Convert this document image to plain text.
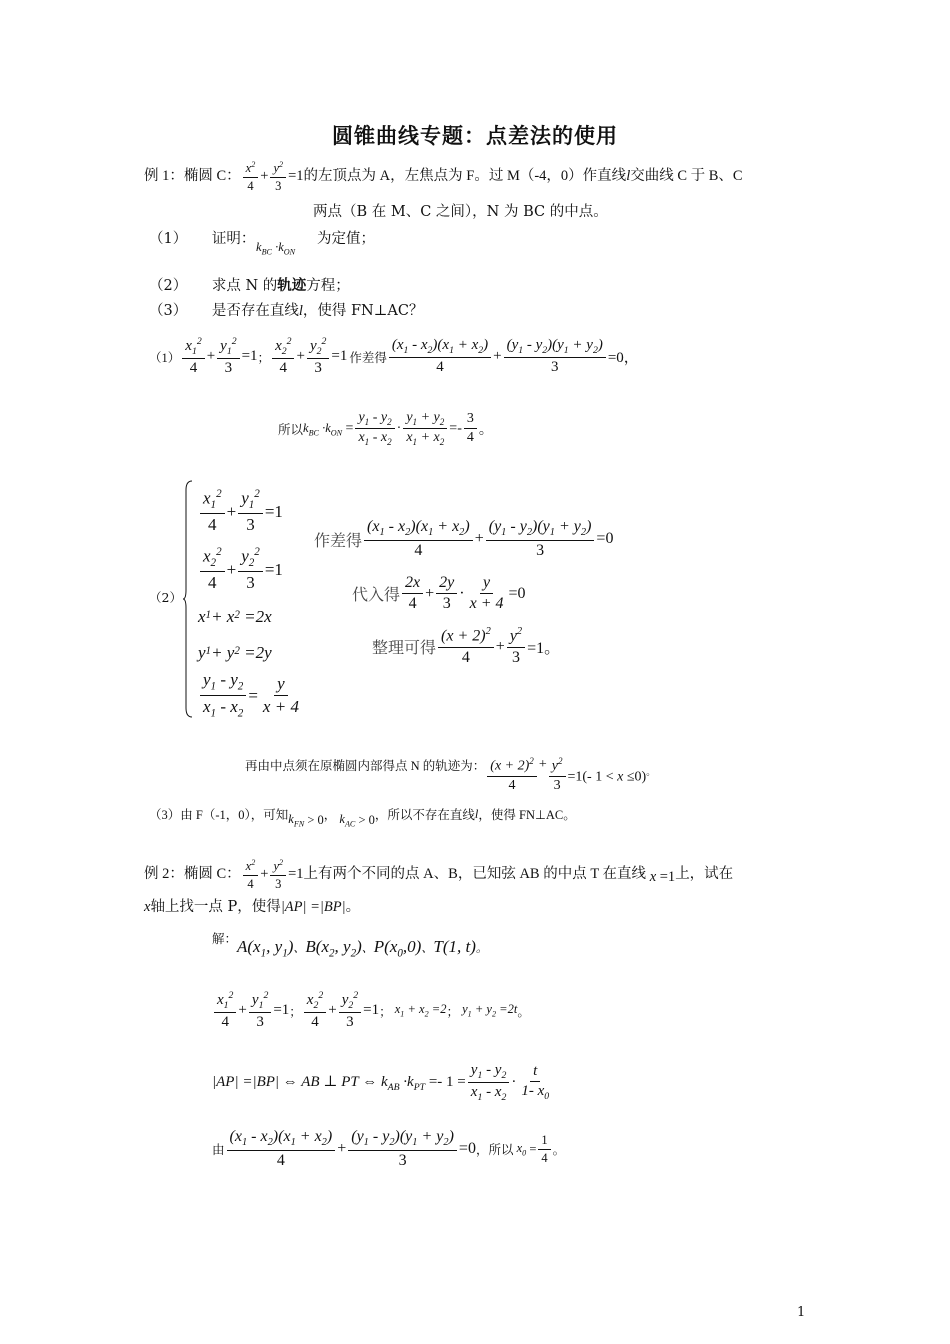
圆锥曲线专题：点差法的使用
例 1：椭圆 C： $\frac{x^2}{4} + \frac{y^2}{3} =1$ 的左顶点为 A，左焦点为 F。过 M（-4，0）作直线 l 交曲线 C 于 B、C
两点（B 在 M、C 之间），N 为 BC 的中点。
（1） 证明： $k_{BC} \cdot k_{ON}$
为定值；
（2） 求点 N 的轨迹方程；
（3） 是否存在直线l，使得 FN⊥AC？
$(1) \frac{x_1^2}{4} + \frac{y_1^2}{3} =1$ ； $\frac{x_2^2}{4} + \frac{y_2^2}{3} =1$ 作差得 $\frac{(x_1 - x_2)(x_1 + x_2)}{4} + \frac{(y_1 - y_2)(y_1 + y_2)}{3} =0$，
所以 $k_{BC} \cdot k_{ON} = \frac{y_1 - y_2}{x_1 - x_2} \cdot \frac{y_1 + y_2}{x_1 + x_2} =- \frac{3}{4}$ 。
（2）
$\frac{x_1^2}{4} + \frac{y_1^2}{3} =1$

$\frac{x_2^2}{4} + \frac{y_2^2}{3} =1$
x 1 + x 2 =2 x
y 1 + y 2 =2 y

$\frac{y_1 - y_2}{x_1 - x_2} = \frac{y}{x + 4}$
作差得 $\frac{(x_1 - x_2)(x_1 + x_2)}{4} + \frac{(y_1 - y_2)(y_1 + y_2)}{3} =0$
代入得 $\frac{2x}{4} + \frac{2y}{3} \cdot \frac{y}{x + 4} =0$
整理可得 $\frac{(x + 2)^2}{4} + \frac{y^2}{3} =1$。
再由中点须在原椭圆内部得点 N 的轨迹为： $\frac{(x + 2)^2}{4} + \frac{y^2}{3} =1(-$ 1 < x ≤0)。
（3）由 F（-1，0），可知 $k_{FN} > 0$ ， $k_{AC} > 0$ ，所以不存在直线 l ，使得 FN⊥AC。
例 2：椭圆 C： $\frac{x^2}{4} + \frac{y^2}{3} =1$ 上有两个不同的点 A、B，已知弦 AB 的中点 T 在直线 x =1 上，试在
x轴上找一点 P，使得|AP| =|BP|。
解： $A(x_1$, $y_1$)、$B(x_2$, $y_2$)、$P(x_0,0)$、T(1, t)。
$\frac{x_1^2}{4} + \frac{y_1^2}{3} =1$ ； $\frac{x_2^2}{4} + \frac{y_2^2}{3} =1$ ； $x_1 + x_2 =2$ ； $y_1 + y_2 =2t$ 。
|AP| =|BP| ⇔ AB ⊥ PT ⇔ $k_{AB} \cdot k_{PT} =- 1 = \frac{y_1 - y_2}{x_1 - x_2} \cdot \frac{t}{1- x_0}$
由 $\frac{(x_1 - x_2)(x_1 + x_2)}{4} + \frac{(y_1 - y_2)(y_1 + y_2)}{3} =0$ ，所以 $x_0 = \frac{1}{4}$ 。
1
